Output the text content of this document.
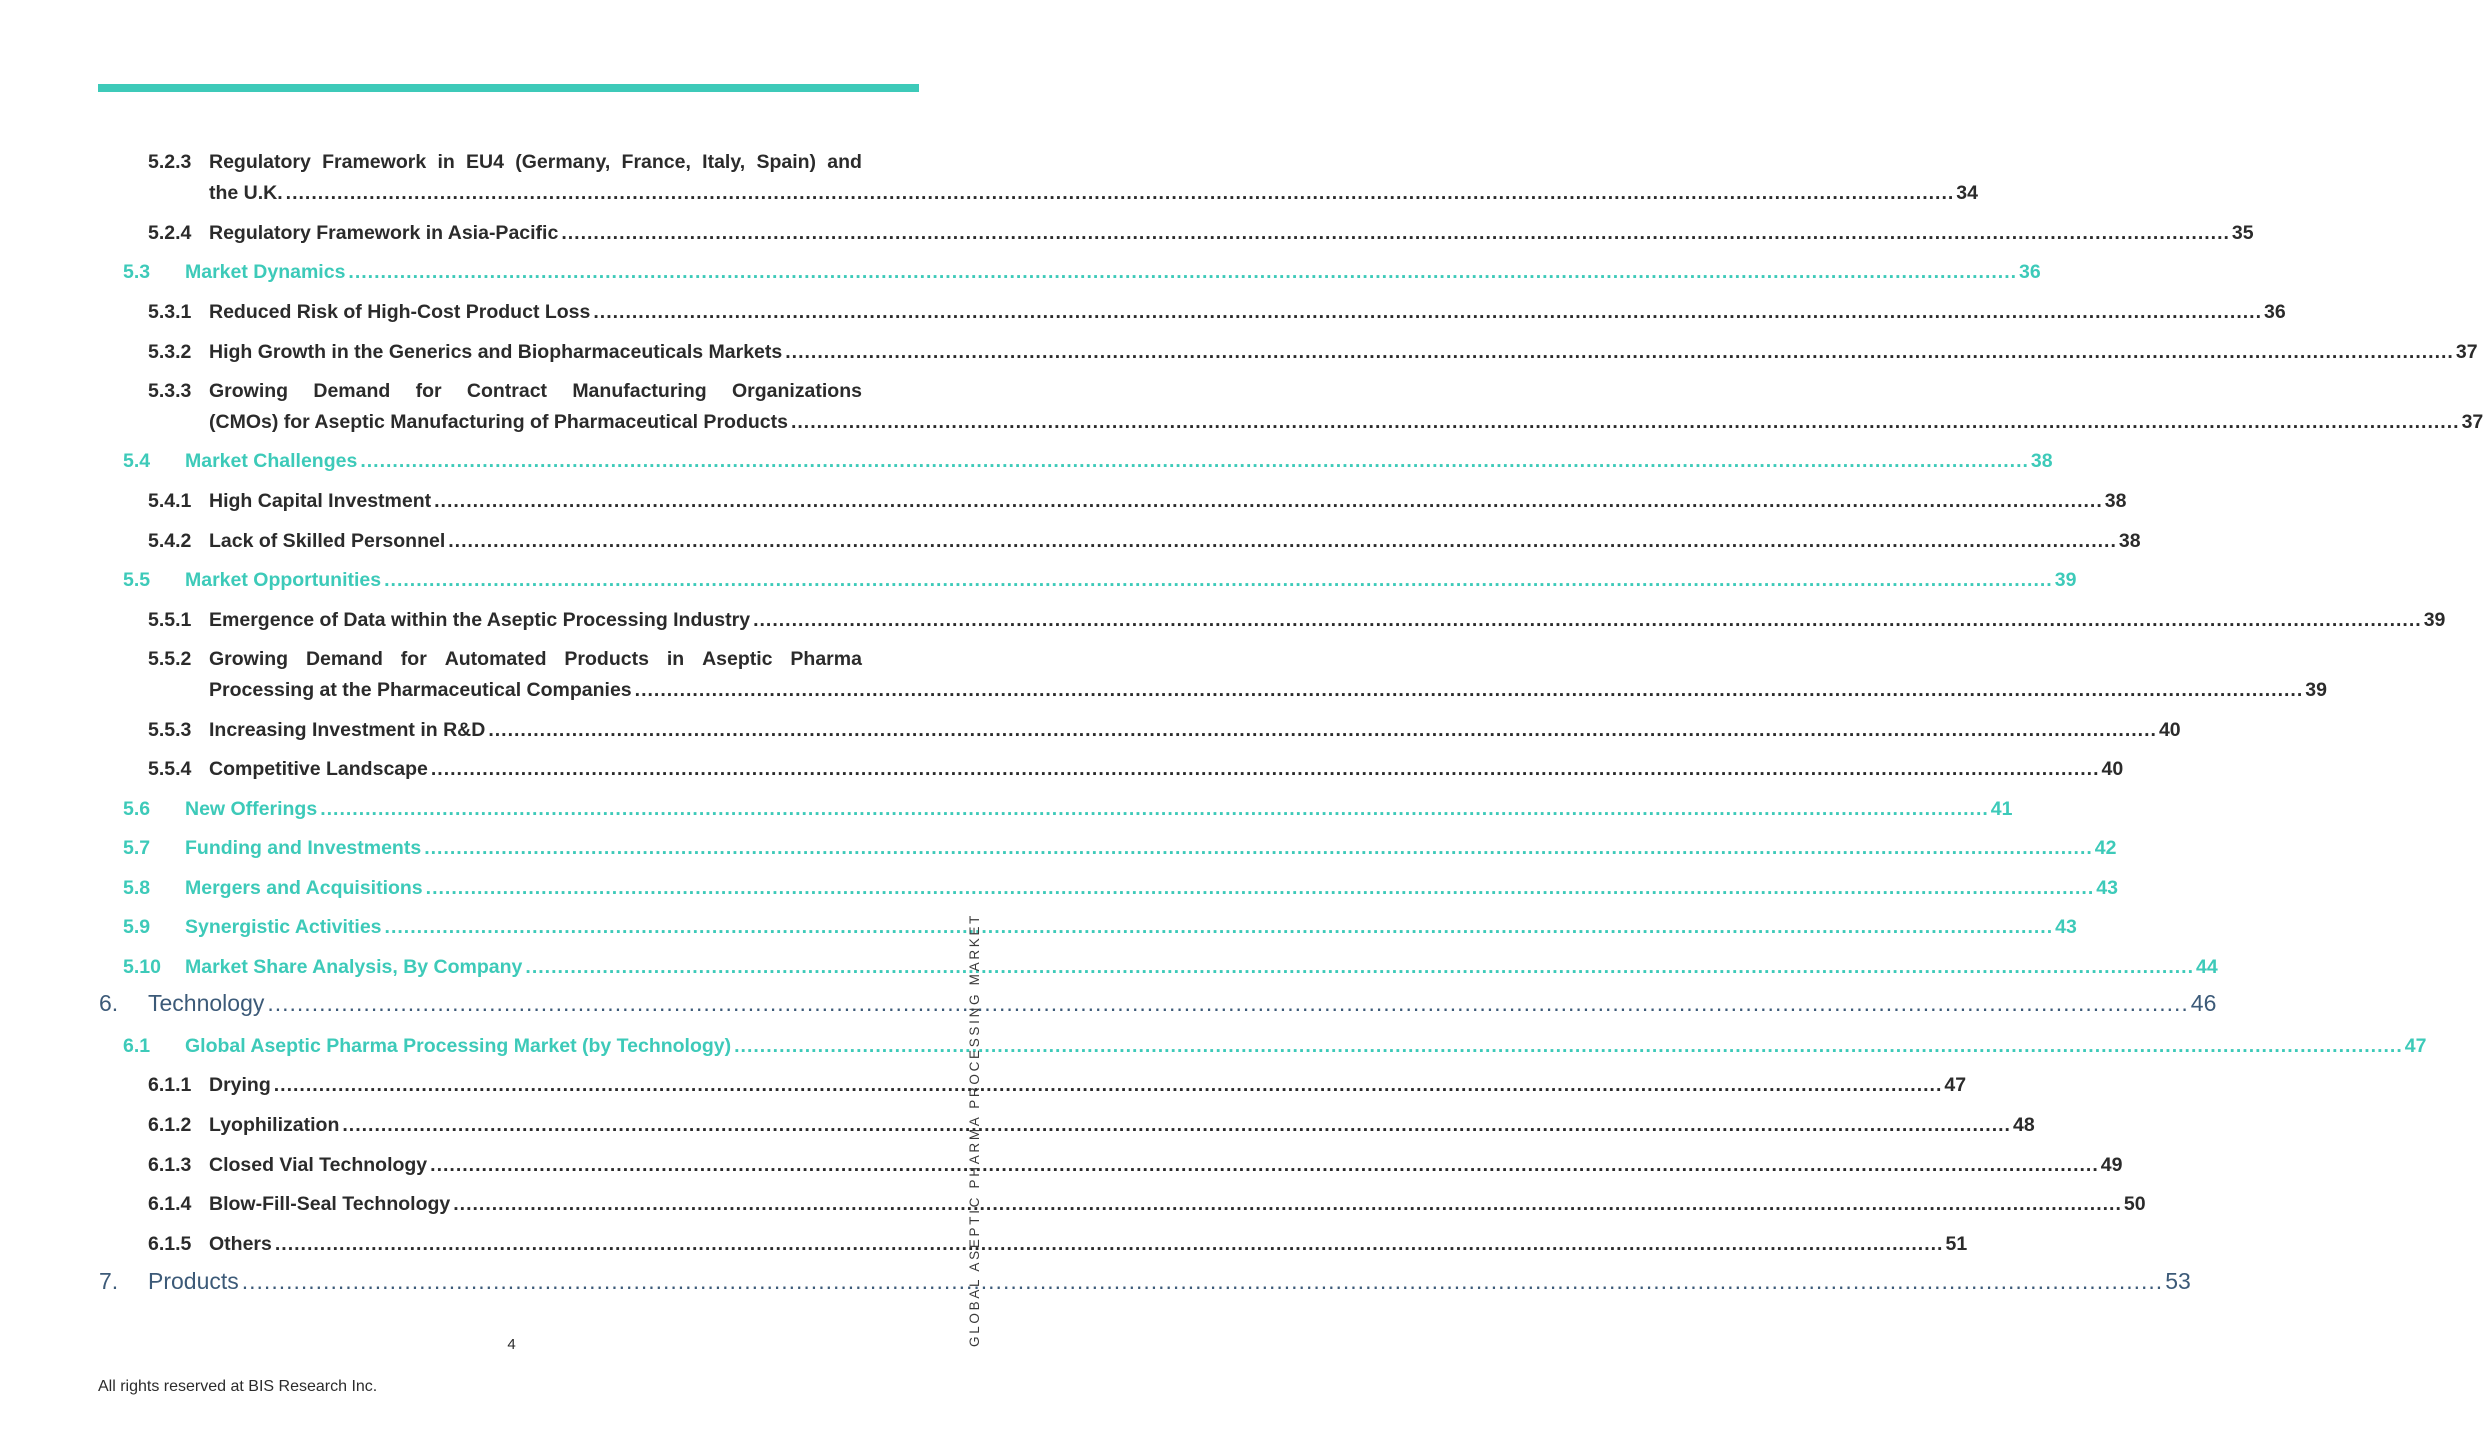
5.2.3 Regulatory Framework in EU4 (Germany, France, Italy, Spain) and
the U.K. .................................................................................................................................................................................................................................................................... 34
5.2.4 Regulatory Framework in Asia-Pacific .................................................................................................................................................................................................................................................................... 35
5.3 Market Dynamics .................................................................................................................................................................................................................................................................... 36
5.3.1 Reduced Risk of High-Cost Product Loss .................................................................................................................................................................................................................................................................... 36
5.3.2 High Growth in the Generics and Biopharmaceuticals Markets .................................................................................................................................................................................................................................................................... 37
5.3.3 Growing Demand for Contract Manufacturing Organizations
(CMOs) for Aseptic Manufacturing of Pharmaceutical Products .................................................................................................................................................................................................................................................................... 37
5.4 Market Challenges .................................................................................................................................................................................................................................................................... 38
5.4.1 High Capital Investment .................................................................................................................................................................................................................................................................... 38
5.4.2 Lack of Skilled Personnel .................................................................................................................................................................................................................................................................... 38
5.5 Market Opportunities .................................................................................................................................................................................................................................................................... 39
5.5.1 Emergence of Data within the Aseptic Processing Industry .................................................................................................................................................................................................................................................................... 39
5.5.2 Growing Demand for Automated Products in Aseptic Pharma
Processing at the Pharmaceutical Companies .................................................................................................................................................................................................................................................................... 39
5.5.3 Increasing Investment in R&D .................................................................................................................................................................................................................................................................... 40
5.5.4 Competitive Landscape .................................................................................................................................................................................................................................................................... 40
5.6 New Offerings .................................................................................................................................................................................................................................................................... 41
5.7 Funding and Investments .................................................................................................................................................................................................................................................................... 42
5.8 Mergers and Acquisitions .................................................................................................................................................................................................................................................................... 43
5.9 Synergistic Activities .................................................................................................................................................................................................................................................................... 43
5.10 Market Share Analysis, By Company .................................................................................................................................................................................................................................................................... 44
6. Technology .................................................................................................................................................................................................................................................................... 46
6.1 Global Aseptic Pharma Processing Market (by Technology) .................................................................................................................................................................................................................................................................... 47
6.1.1 Drying .................................................................................................................................................................................................................................................................... 47
6.1.2 Lyophilization .................................................................................................................................................................................................................................................................... 48
6.1.3 Closed Vial Technology .................................................................................................................................................................................................................................................................... 49
6.1.4 Blow-Fill-Seal Technology .................................................................................................................................................................................................................................................................... 50
6.1.5 Others .................................................................................................................................................................................................................................................................... 51
7. Products .................................................................................................................................................................................................................................................................... 53
GLOBAL ASEPTIC PHARMA PROCESSING MARKET
4
All rights reserved at BIS Research Inc.
